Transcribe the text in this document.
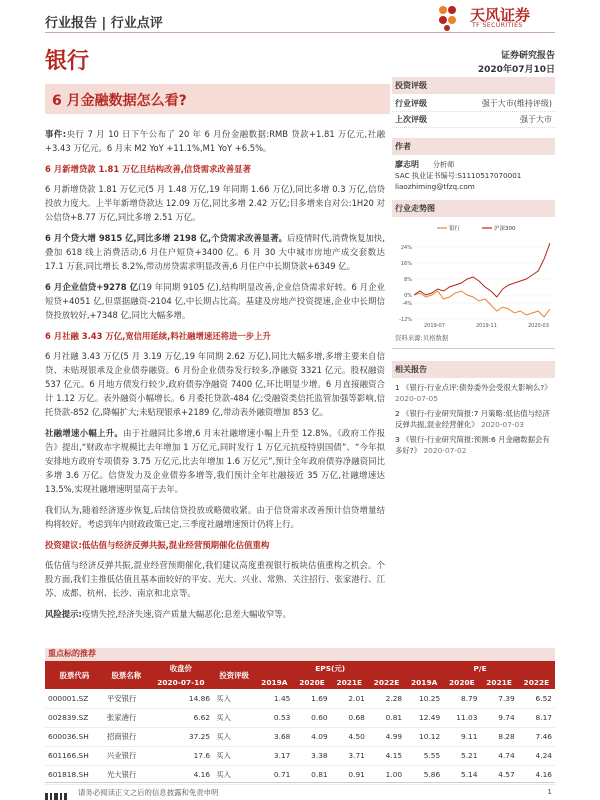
行业报告 | 行业点评	天风证券
TF SECURITIES
银行	证券研究报告
2020年07月10日
6 月金融数据怎么看?

事件:央行 7 月 10 日下午公布了 20 年 6 月份金融数据:RMB 贷款+1.81 万亿元,社融+3.43 万亿元。6 月末 M2 YoY +11.1%,M1 YoY +6.5%。

6 月新增贷款 1.81 万亿且结构改善,信贷需求改善显著

6 月新增贷款 1.81 万亿元(5 月 1.48 万亿,19 年同期 1.66 万亿),同比多增 0.3 万亿,信贷投放力度大。上半年新增贷款达 12.09 万亿,同比多增 2.42 万亿;目多增来自对公:1H20 对公信贷+8.77 万亿,同比多增 2.51 万亿。

6 月个贷大增 9815 亿,同比多增 2198 亿,个贷需求改善显著。后疫情时代,消费恢复加快,叠加 618 线上消费活动,6 月住户短贷+3400 亿。6 月 30 大中城市房地产成交套数达 17.1 万套,同比增长 8.2%,带动房贷需求明显改善,6 月住户中长期贷款+6349 亿。

6 月企业信贷+9278 亿(19 年同期 9105 亿),结构明显改善,企业信贷需求好转。6 月企业短贷+4051 亿,但票据融资-2104 亿,中长期占比高。基建及房地产投资提速,企业中长期信贷投放较好,+7348 亿,同比大幅多增。

6 月社融 3.43 万亿,宽信用延续,料社融增速还将进一步上升

6 月社融 3.43 万亿(5 月 3.19 万亿,19 年同期 2.62 万亿),同比大幅多增,多增主要来自信贷、未贴现银承及企业债券融资。6 月份企业债券发行较多,净融资 3321 亿元。股权融资 537 亿元。6 月地方债发行较少,政府债券净融资 7400 亿,环比明显少增。6 月直接融资合计 1.12 万亿。表外融资小幅增长。6 月委托贷款-484 亿;受融资类信托监管加强等影响,信托贷款-852 亿,降幅扩大;未贴现银承+2189 亿,带动表外融资增加 853 亿。

社融增速小幅上升。由于社融同比多增,6 月末社融增速小幅上升至 12.8%。《政府工作报告》提出,“财政赤字规模比去年增加 1 万亿元,同时发行 1 万亿元抗疫特别国债”、“今年拟安排地方政府专项债券 3.75 万亿元,比去年增加 1.6 万亿元”,预计全年政府债券净融资同比多增 3.6 万亿。信贷发力及企业债券多增等,我们预计全年社融接近 35 万亿,社融增速达 13.5%,实现社融增速明显高于去年。

我们认为,随着经济逐步恢复,后续信贷投放或略微收紧。由于信贷需求改善预计信贷增量结构将较好。考虑到年内财政政策已定,三季度社融增速预计仍将上行。

投资建议:低估值与经济反弹共振,混业经营预期催化估值重构

低估值与经济反弹共振,混业经营预期催化,我们建议高度重视银行板块估值重构之机会。个股方面,我们主推低估值且基本面较好的平安、光大、兴业、常熟、关注招行、张家港行、江苏、成都、杭州、长沙、南京和北京等。

风险提示:疫情失控,经济失速,资产质量大幅恶化;息差大幅收窄等。

投资评级
行业评级	强于大市(维持评级)
上次评级	强于大市
作者
廖志明 分析师
SAC 执业证书编号:S1110517070001
liaozhiming@tfzq.com
行业走势图
24%
16%
8%
0%
-4%
-12%
2019-07	2019-11	2020-03
银行	沪深300
资料来源:贝格数据
相关报告
1 《银行-行业点评:债券委外会受很大影响么?》 2020-07-05
2 《银行-行业研究简报:7 月策略:低估值与经济反弹共振,混业经营催化》 2020-07-03
3 《银行-行业研究简报:预测:6 月金融数据会有多好?》 2020-07-02
重点标的推荐
股票代码	股票名称	收盘价	投资评级	EPS(元)				P/E			
		2020-07-10		2019A	2020E	2021E	2022E	2019A	2020E	2021E	2022E
000001.SZ	平安银行	14.86	买入	1.45	1.69	2.01	2.28	10.25	8.79	7.39	6.52
002839.SZ	张家港行	6.62	买入	0.53	0.60	0.68	0.81	12.49	11.03	9.74	8.17
600036.SH	招商银行	37.25	买入	3.68	4.09	4.50	4.99	10.12	9.11	8.28	7.46
601166.SH	兴业银行	17.6	买入	3.17	3.38	3.71	4.15	5.55	5.21	4.74	4.24
601818.SH	光大银行	4.16	买入	0.71	0.81	0.91	1.00	5.86	5.14	4.57	4.16
请务必阅读正文之后的信息披露和免责申明	1
